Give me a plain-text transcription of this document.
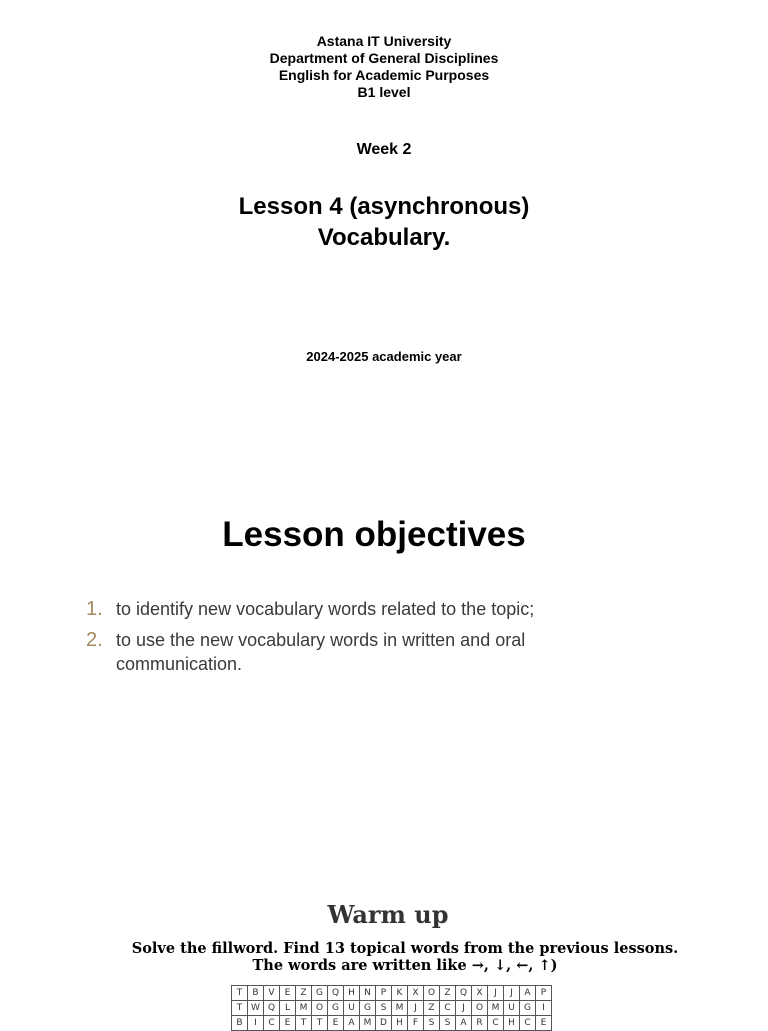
Astana IT University
Department of General Disciplines
English for Academic Purposes
B1 level
Week 2
Lesson 4 (asynchronous)
Vocabulary.
2024-2025 academic year
Lesson objectives
1. to identify new vocabulary words related to the topic;
2. to use the new vocabulary words in written and oral communication.
Warm up
Solve the fillword. Find 13 topical words from the previous lessons.
The words are written like →, ↓, ←, ↑)
T	B	V	E	Z	G	Q	H	N	P	K	X	O	Z	Q	X	J	J	A	P
T	W	Q	L	M	O	G	U	G	S	M	J	Z	C	J	O	M	U	G	I
B	I	C	E	T	T	E	A	M	D	H	F	S	S	A	R	C	H	C	E
